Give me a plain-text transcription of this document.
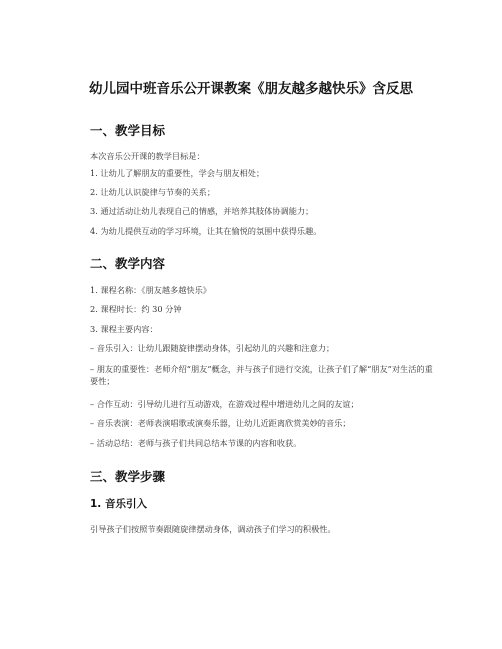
幼儿园中班音乐公开课教案《朋友越多越快乐》含反思
一、教学目标
本次音乐公开课的教学目标是：
1. 让幼儿了解朋友的重要性，学会与朋友相处；
2. 让幼儿认识旋律与节奏的关系；
3. 通过活动让幼儿表现自己的情感，并培养其肢体协调能力；
4. 为幼儿提供互动的学习环境，让其在愉悦的氛围中获得乐趣。
二、教学内容
1. 课程名称：《朋友越多越快乐》
2. 课程时长：约 30 分钟
3. 课程主要内容：
– 音乐引入：让幼儿跟随旋律摆动身体，引起幼儿的兴趣和注意力；
– 朋友的重要性：老师介绍“朋友”概念，并与孩子们进行交流，让孩子们了解“朋友”对生活的重要性；
– 合作互动：引导幼儿进行互动游戏，在游戏过程中增进幼儿之间的友谊；
– 音乐表演：老师表演唱歌或演奏乐器，让幼儿近距离欣赏美妙的音乐；
– 活动总结：老师与孩子们共同总结本节课的内容和收获。
三、教学步骤
1. 音乐引入
引导孩子们按照节奏跟随旋律摆动身体，调动孩子们学习的积极性。
